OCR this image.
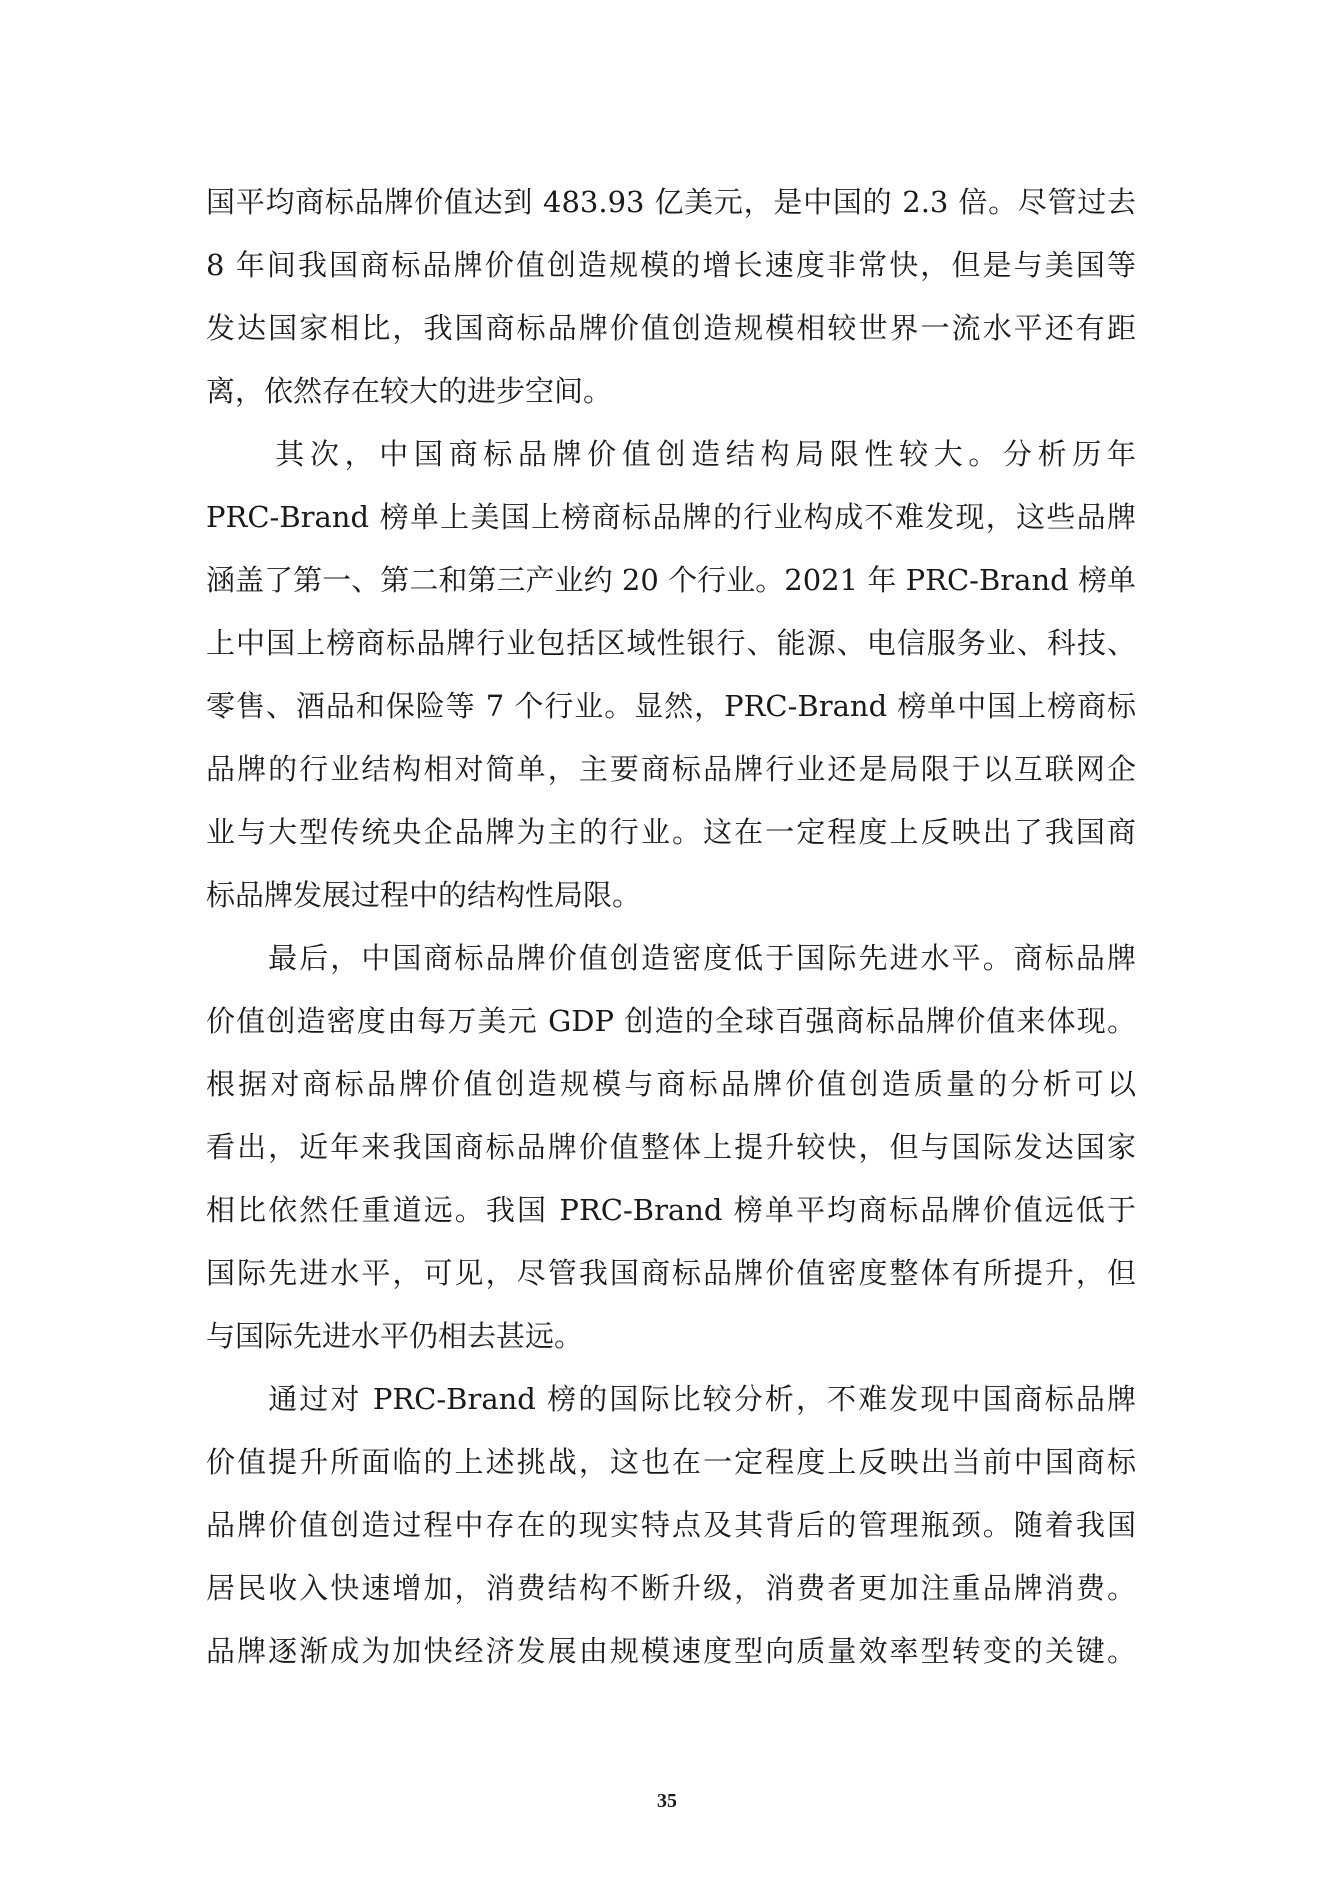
国平均商标品牌价值达到 483.93 亿美元，是中国的 2.3 倍。尽管过去
8 年间我国商标品牌价值创造规模的增长速度非常快，但是与美国等
发达国家相比，我国商标品牌价值创造规模相较世界一流水平还有距
离，依然存在较大的进步空间。
　　其次，中国商标品牌价值创造结构局限性较大。分析历年
PRC-Brand 榜单上美国上榜商标品牌的行业构成不难发现，这些品牌
涵盖了第一、第二和第三产业约 20 个行业。2021 年 PRC-Brand 榜单
上中国上榜商标品牌行业包括区域性银行、能源、电信服务业、科技、
零售、酒品和保险等 7 个行业。显然，PRC-Brand 榜单中国上榜商标
品牌的行业结构相对简单，主要商标品牌行业还是局限于以互联网企
业与大型传统央企品牌为主的行业。这在一定程度上反映出了我国商
标品牌发展过程中的结构性局限。
　　最后，中国商标品牌价值创造密度低于国际先进水平。商标品牌
价值创造密度由每万美元 GDP 创造的全球百强商标品牌价值来体现。
根据对商标品牌价值创造规模与商标品牌价值创造质量的分析可以
看出，近年来我国商标品牌价值整体上提升较快，但与国际发达国家
相比依然任重道远。我国 PRC-Brand 榜单平均商标品牌价值远低于
国际先进水平，可见，尽管我国商标品牌价值密度整体有所提升，但
与国际先进水平仍相去甚远。
　　通过对 PRC-Brand 榜的国际比较分析，不难发现中国商标品牌
价值提升所面临的上述挑战，这也在一定程度上反映出当前中国商标
品牌价值创造过程中存在的现实特点及其背后的管理瓶颈。随着我国
居民收入快速增加，消费结构不断升级，消费者更加注重品牌消费。
品牌逐渐成为加快经济发展由规模速度型向质量效率型转变的关键。
35
